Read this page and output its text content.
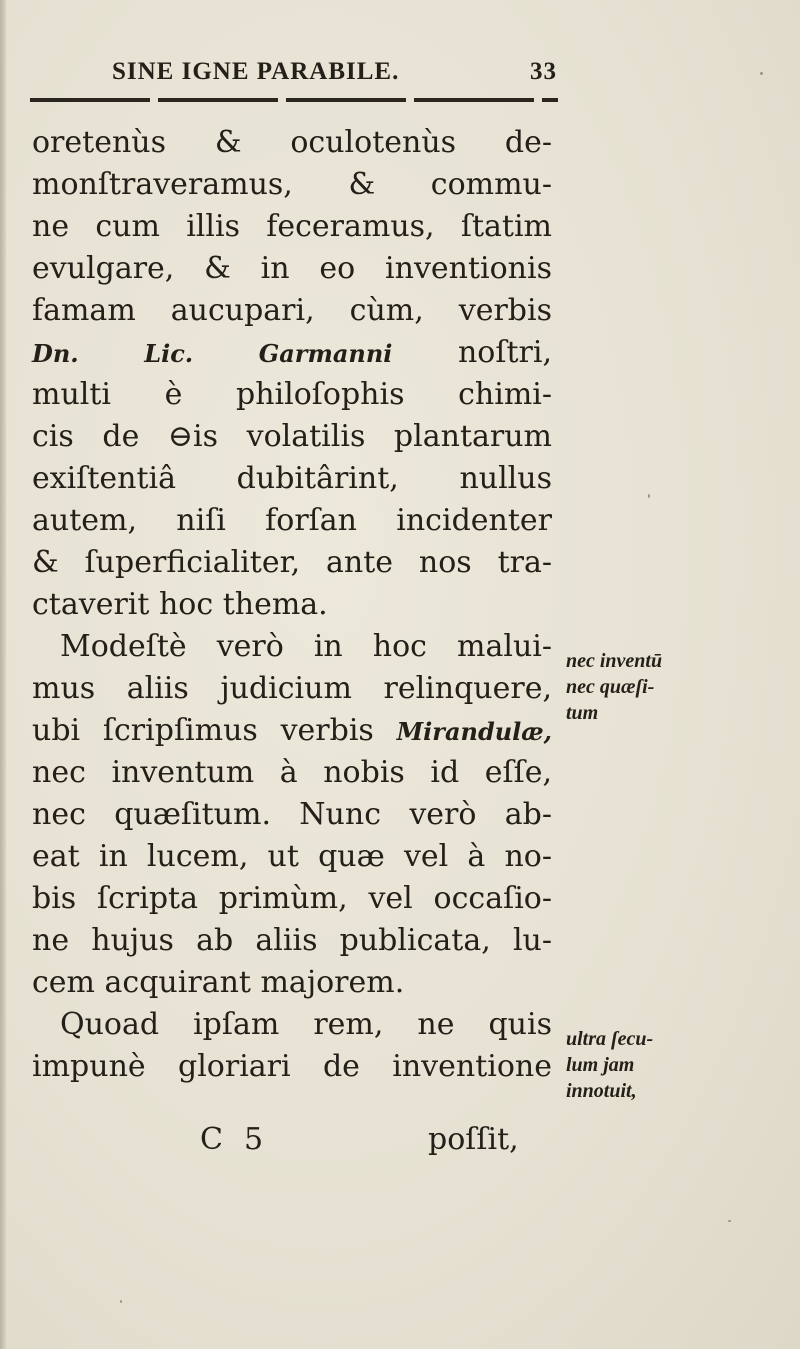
SINE IGNE PARABILE.	33
oretenùs & oculotenùs de-
monſtraveramus, & commu-
ne cum illis feceramus, ſtatim
evulgare, & in eo inventionis
famam aucupari, cùm, verbis
Dn.	Lic.	Garmanni noſtri,
multi è philoſophis chimi-
cis de ⊖is volatilis plantarum
exiſtentiâ dubitârint, nullus
autem, niſi forſan incidenter
& ſuperficialiter, ante nos tra-
ctaverit hoc thema.
Modeſtè verò in hoc malui-
mus aliis judicium relinquere,
ubi ſcripſimus verbis Mirandulæ,
nec inventum à nobis id eſſe,
nec quæſitum. Nunc verò ab-
eat in lucem, ut quæ vel à no-
bis ſcripta primùm, vel occaſio-
ne hujus ab aliis publicata, lu-
cem acquirant majorem.
Quoad ipſam rem, ne quis
impunè gloriari de inventione
nec inventū
nec quæſi-
tum
ultra ſecu-
lum jam
innotuit,
C 5	poſſit,
